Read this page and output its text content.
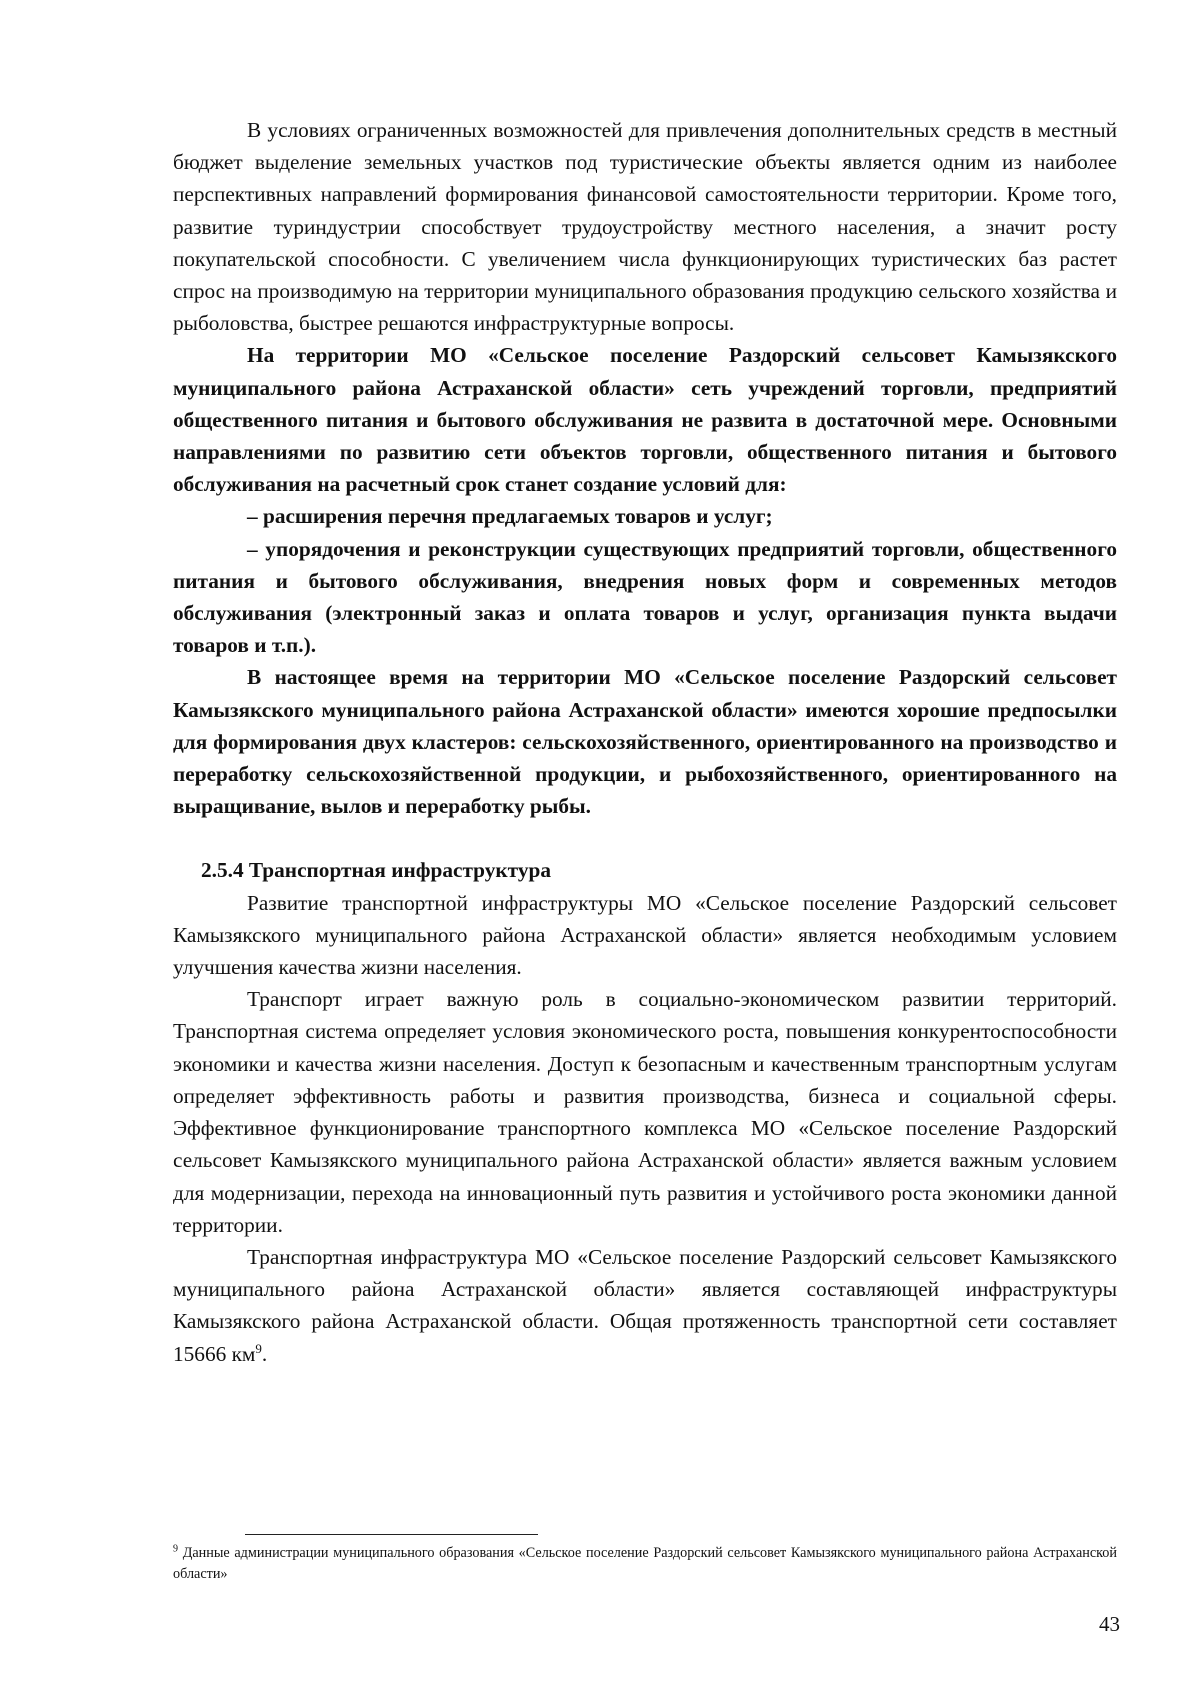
В условиях ограниченных возможностей для привлечения дополнительных средств в местный бюджет выделение земельных участков под туристические объекты является одним из наиболее перспективных направлений формирования финансовой самостоятельности территории. Кроме того, развитие туриндустрии способствует трудоустройству местного населения, а значит росту покупательской способности. С увеличением числа функционирующих туристических баз растет спрос на производимую на территории муниципального образования продукцию сельского хозяйства и рыболовства, быстрее решаются инфраструктурные вопросы.

На территории МО «Сельское поселение Раздорский сельсовет Камызякского муниципального района Астраханской области» сеть учреждений торговли, предприятий общественного питания и бытового обслуживания не развита в достаточной мере. Основными направлениями по развитию сети объектов торговли, общественного питания и бытового обслуживания на расчетный срок станет создание условий для:

– расширения перечня предлагаемых товаров и услуг;

– упорядочения и реконструкции существующих предприятий торговли, общественного питания и бытового обслуживания, внедрения новых форм и современных методов обслуживания (электронный заказ и оплата товаров и услуг, организация пункта выдачи товаров и т.п.).

В настоящее время на территории МО «Сельское поселение Раздорский сельсовет Камызякского муниципального района Астраханской области» имеются хорошие предпосылки для формирования двух кластеров: сельскохозяйственного, ориентированного на производство и переработку сельскохозяйственной продукции, и рыбохозяйственного, ориентированного на выращивание, вылов и переработку рыбы.

2.5.4 Транспортная инфраструктура

Развитие транспортной инфраструктуры МО «Сельское поселение Раздорский сельсовет Камызякского муниципального района Астраханской области» является необходимым условием улучшения качества жизни населения.

Транспорт играет важную роль в социально-экономическом развитии территорий. Транспортная система определяет условия экономического роста, повышения конкурентоспособности экономики и качества жизни населения. Доступ к безопасным и качественным транспортным услугам определяет эффективность работы и развития производства, бизнеса и социальной сферы. Эффективное функционирование транспортного комплекса МО «Сельское поселение Раздорский сельсовет Камызякского муниципального района Астраханской области» является важным условием для модернизации, перехода на инновационный путь развития и устойчивого роста экономики данной территории.

Транспортная инфраструктура МО «Сельское поселение Раздорский сельсовет Камызякского муниципального района Астраханской области» является составляющей инфраструктуры Камызякского района Астраханской области. Общая протяженность транспортной сети составляет 15666 $км^9$.

$^9$ Данные администрации муниципального образования «Сельское поселение Раздорский сельсовет Камызякского муниципального района Астраханской области»
43
